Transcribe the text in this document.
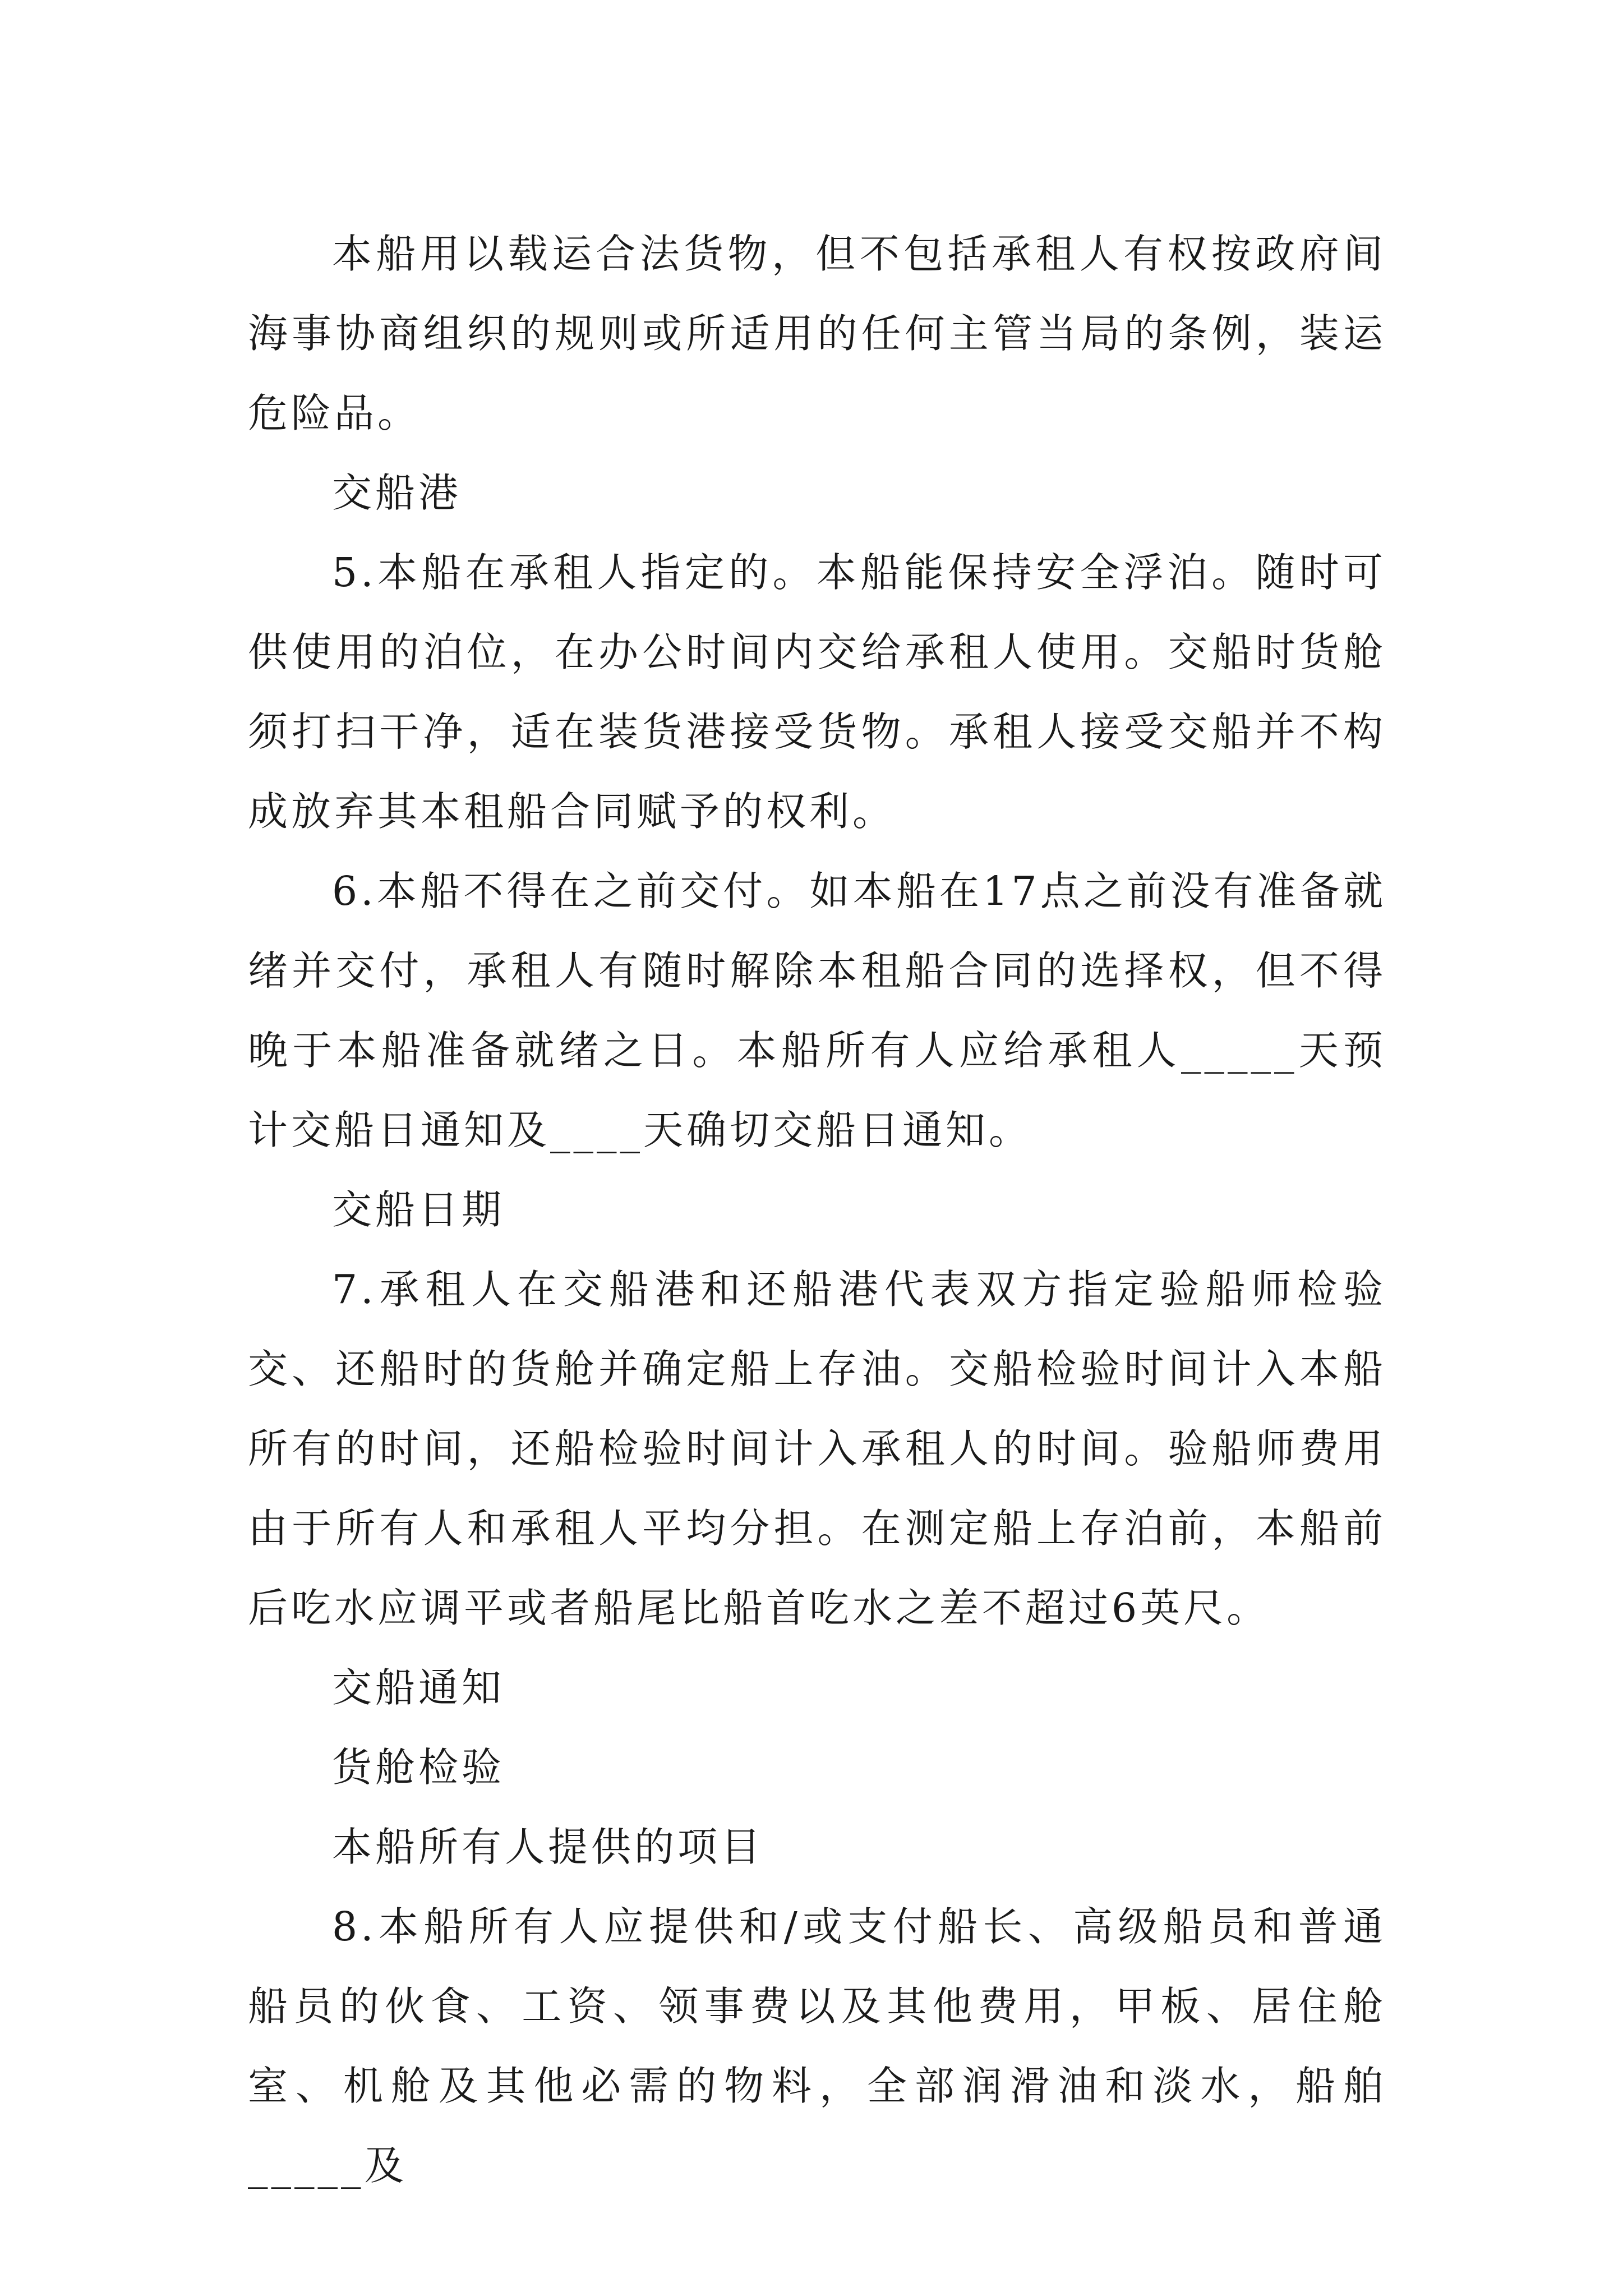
本船用以载运合法货物，但不包括承租人有权按政府间海事协商组织的规则或所适用的任何主管当局的条例，装运危险品。

交船港

5.本船在承租人指定的。本船能保持安全浮泊。随时可供使用的泊位，在办公时间内交给承租人使用。交船时货舱须打扫干净，适在装货港接受货物。承租人接受交船并不构成放弃其本租船合同赋予的权利。

6.本船不得在之前交付。如本船在17点之前没有准备就绪并交付，承租人有随时解除本租船合同的选择权，但不得晚于本船准备就绪之日。本船所有人应给承租人_____天预计交船日通知及____天确切交船日通知。

交船日期

7.承租人在交船港和还船港代表双方指定验船师检验交、还船时的货舱并确定船上存油。交船检验时间计入本船所有的时间，还船检验时间计入承租人的时间。验船师费用由于所有人和承租人平均分担。在测定船上存泊前，本船前后吃水应调平或者船尾比船首吃水之差不超过6英尺。

交船通知

货舱检验

本船所有人提供的项目

8.本船所有人应提供和/或支付船长、高级船员和普通船员的伙食、工资、领事费以及其他费用，甲板、居住舱室、机舱及其他必需的物料，全部润滑油和淡水，船舶_____及
